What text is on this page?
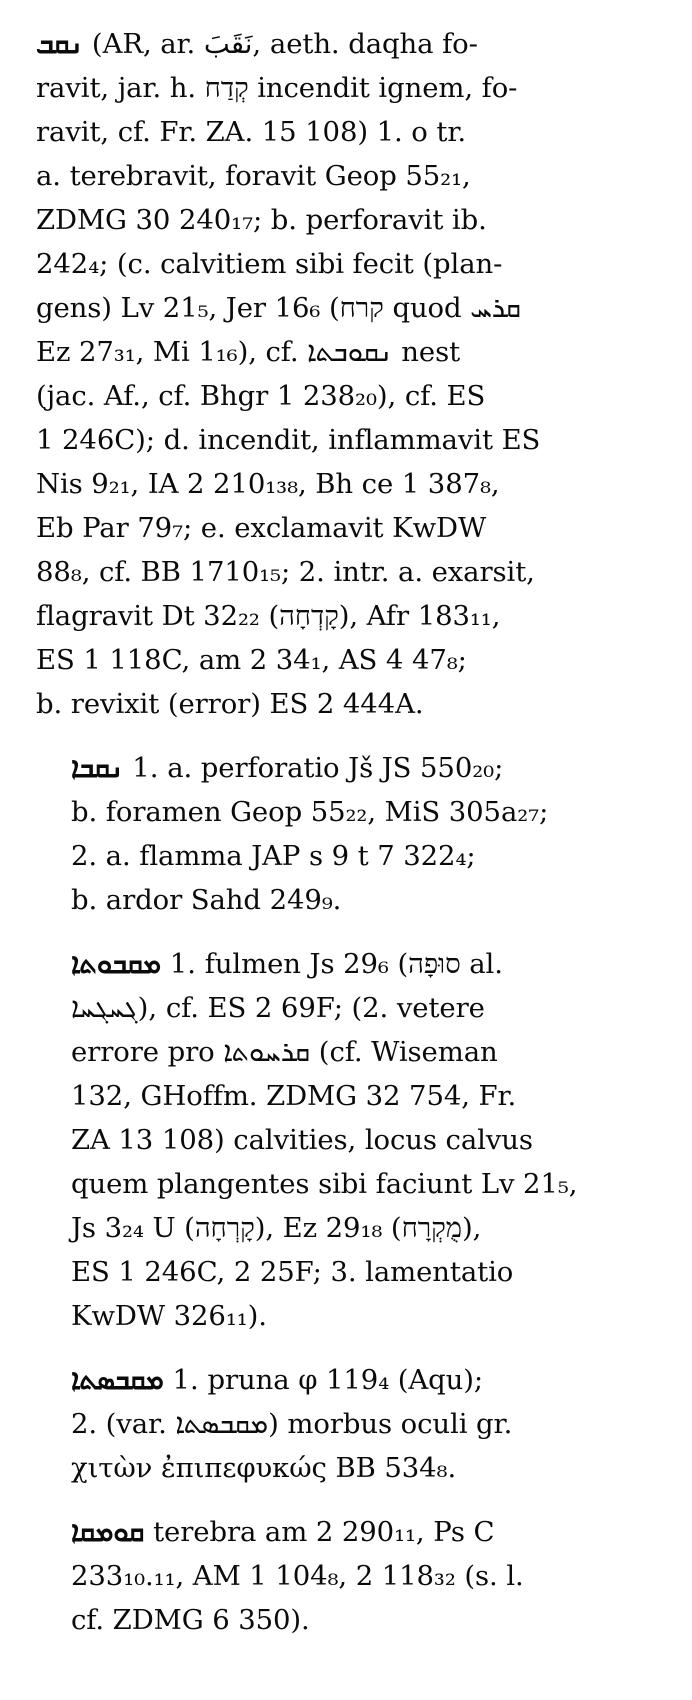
ܢܩܒ (AR, ar. نَقَبَ, aeth. daqha fo-
ravit, jar. h. קְדַח incendit ignem, fo-
ravit, cf. Fr. ZA. 15 108) 1. o tr.
a. terebravit, foravit Geop 55₂₁,
ZDMG 30 240₁₇; b. perforavit ib.
242₄; (c. calvitiem sibi fecit (plan-
gens) Lv 21₅, Jer 16₆ (קרח quod ܩܪܚ
Ez 27₃₁, Mi 1₁₆), cf. ܢܩܘܒܬܐ nest
(jac. Af., cf. Bhgr 1 238₂₀), cf. ES
1 246C); d. incendit, inflammavit ES
Nis 9₂₁, IA 2 210₁₃₈, Bh ce 1 387₈,
Eb Par 79₇; e. exclamavit KwDW
88₈, cf. BB 1710₁₅; 2. intr. a. exarsit,
flagravit Dt 32₂₂ (קָדְחָה), Afr 183₁₁,
ES 1 118C, am 2 34₁, AS 4 47₈;
b. revixit (error) ES 2 444A.
ܢܩܒܐ 1. a. perforatio Jš JS 550₂₀;
b. foramen Geop 55₂₂, MiS 305a₂₇;
2. a. flamma JAP s 9 t 7 322₄;
b. ardor Sahd 249₉.
ܡܩܒܘܬܐ 1. fulmen Js 29₆ (סוּפָה al.
ܓܚܓܚܐ), cf. ES 2 69F; (2. vetere
errore pro ܩܪܚܘܬܐ (cf. Wiseman
132, GHoffm. ZDMG 32 754, Fr.
ZA 13 108) calvities, locus calvus
quem plangentes sibi faciunt Lv 21₅,
Js 3₂₄ U (קָרְחָה), Ez 29₁₈ (מֻקְרָח),
ES 1 246C, 2 25F; 3. lamentatio
KwDW 326₁₁).
ܡܩܒܣܬܐ 1. pruna φ 119₄ (Aqu);
2. (var. ܡܩܒܣܬܐ) morbus oculi gr.
χιτὼν ἐπιπεφυκώς BB 534₈.
ܩܘܡܩܐ terebra am 2 290₁₁, Ps C
233₁₀.₁₁, AM 1 104₈, 2 118₃₂ (s. l.
cf. ZDMG 6 350).
